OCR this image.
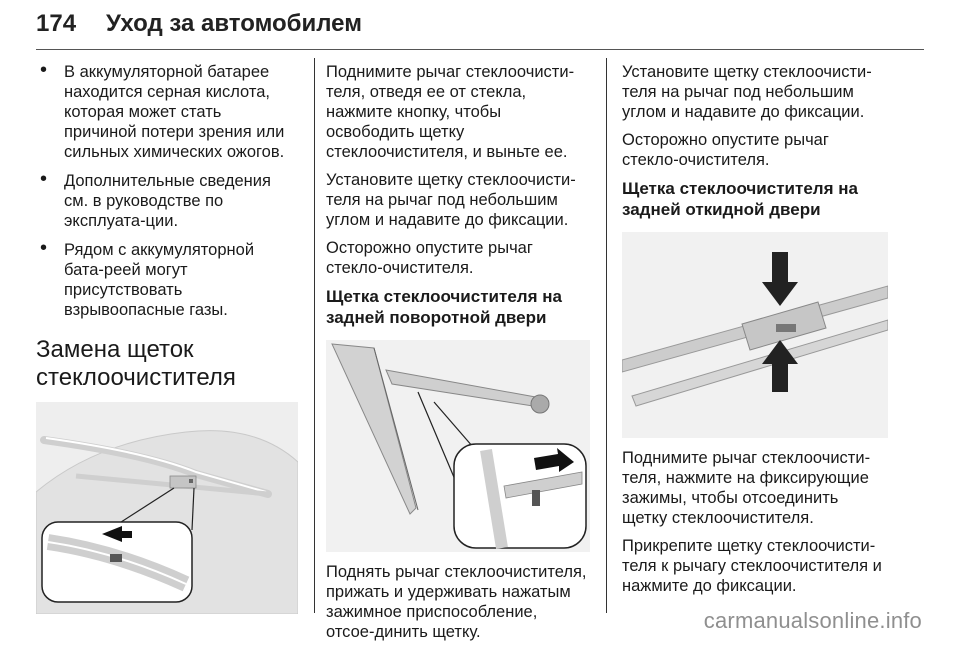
174 Уход за автомобилем
• В аккумуляторной батарее находится серная кислота, которая может стать причиной потери зрения или сильных химических ожогов.
• Дополнительные сведения см. в руководстве по эксплуата-ции.
• Рядом с аккумуляторной бата-реей могут присутствовать взрывоопасные газы.
Замена щеток
стеклоочистителя

Поднимите рычаг стеклоочисти-теля, отведя ее от стекла, нажмите кнопку, чтобы освободить щетку стеклоочистителя, и выньте ее.

Установите щетку стеклоочисти-теля на рычаг под небольшим углом и надавите до фиксации.

Осторожно опустите рычаг стекло-очистителя.

Щетка стеклоочистителя на задней поворотной двери

Поднять рычаг стеклоочистителя, прижать и удерживать нажатым зажимное приспособление, отсое-динить щетку.

Установите щетку стеклоочисти-теля на рычаг под небольшим углом и надавите до фиксации.

Осторожно опустите рычаг стекло-очистителя.

Щетка стеклоочистителя на задней откидной двери

Поднимите рычаг стеклоочисти-теля, нажмите на фиксирующие зажимы, чтобы отсоединить щетку стеклоочистителя.

Прикрепите щетку стеклоочисти-теля к рычагу стеклоочистителя и нажмите до фиксации.

carmanualsonline.info
